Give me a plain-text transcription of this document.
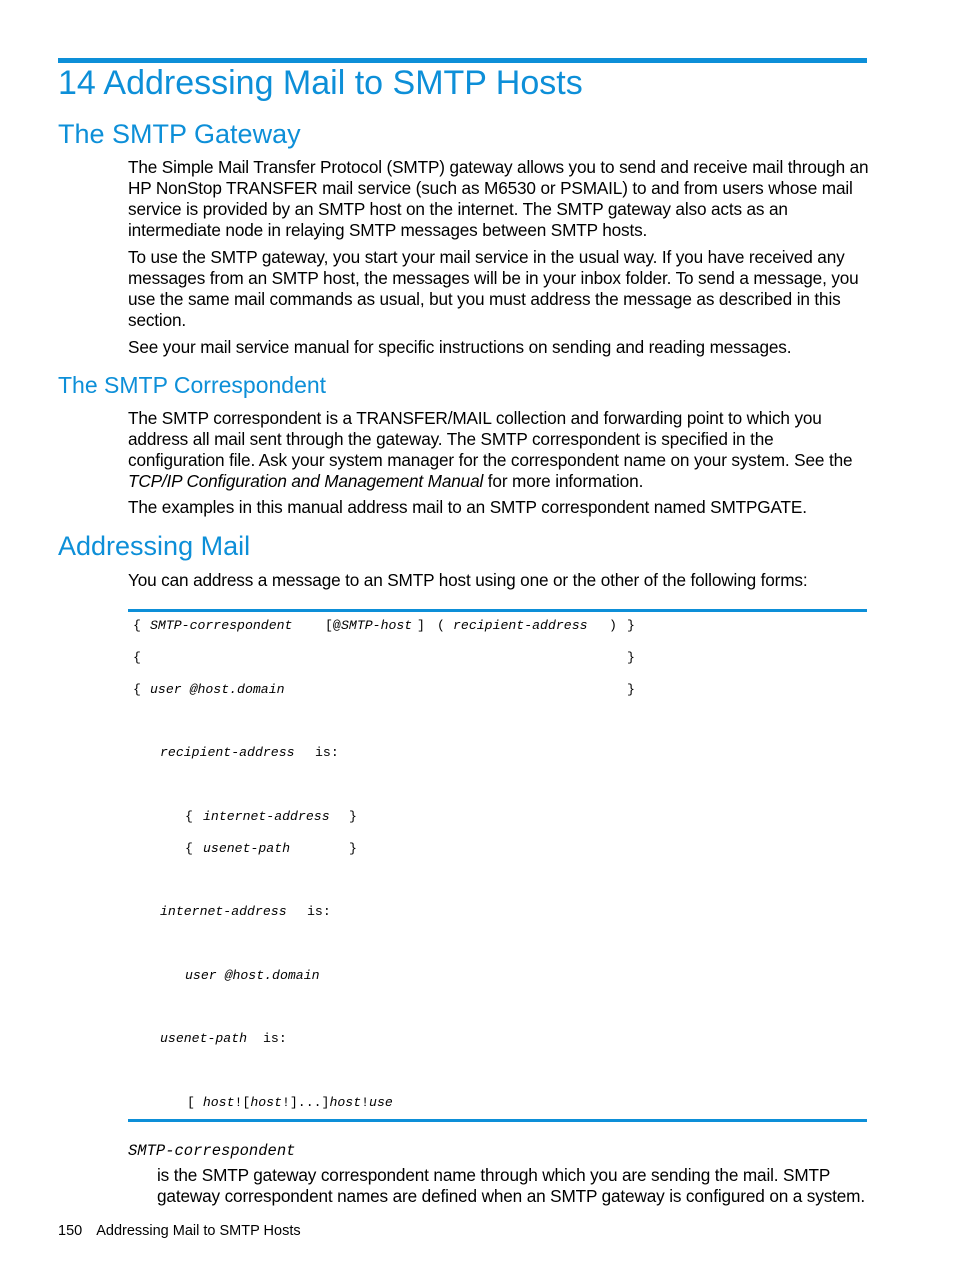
14 Addressing Mail to SMTP Hosts
The SMTP Gateway

The Simple Mail Transfer Protocol (SMTP) gateway allows you to send and receive mail through an HP NonStop TRANSFER mail service (such as M6530 or PSMAIL) to and from users whose mail service is provided by an SMTP host on the internet. The SMTP gateway also acts as an intermediate node in relaying SMTP messages between SMTP hosts.

To use the SMTP gateway, you start your mail service in the usual way. If you have received any messages from an SMTP host, the messages will be in your inbox folder. To send a message, you use the same mail commands as usual, but you must address the message as described in this section.

See your mail service manual for specific instructions on sending and reading messages.

The SMTP Correspondent

The SMTP correspondent is a TRANSFER/MAIL collection and forwarding point to which you address all mail sent through the gateway. The SMTP correspondent is specified in the configuration file. Ask your system manager for the correspondent name on your system. See the TCP/IP Configuration and Management Manual for more information.

The examples in this manual address mail to an SMTP correspondent named SMTPGATE.

Addressing Mail

You can address a message to an SMTP host using one or the other of the following forms:

{ SMTP-correspondent [@ SMTP-host ] ( recipient-address ) }
{	}
{ user @host.domain	}
recipient-address is:
{ internet-address }
{ usenet-path	}
internet-address is:
user @host.domain
usenet-path is:
[ host![host!]...]host!use

SMTP-correspondent

is the SMTP gateway correspondent name through which you are sending the mail. SMTP gateway correspondent names are defined when an SMTP gateway is configured on a system.

150 Addressing Mail to SMTP Hosts
